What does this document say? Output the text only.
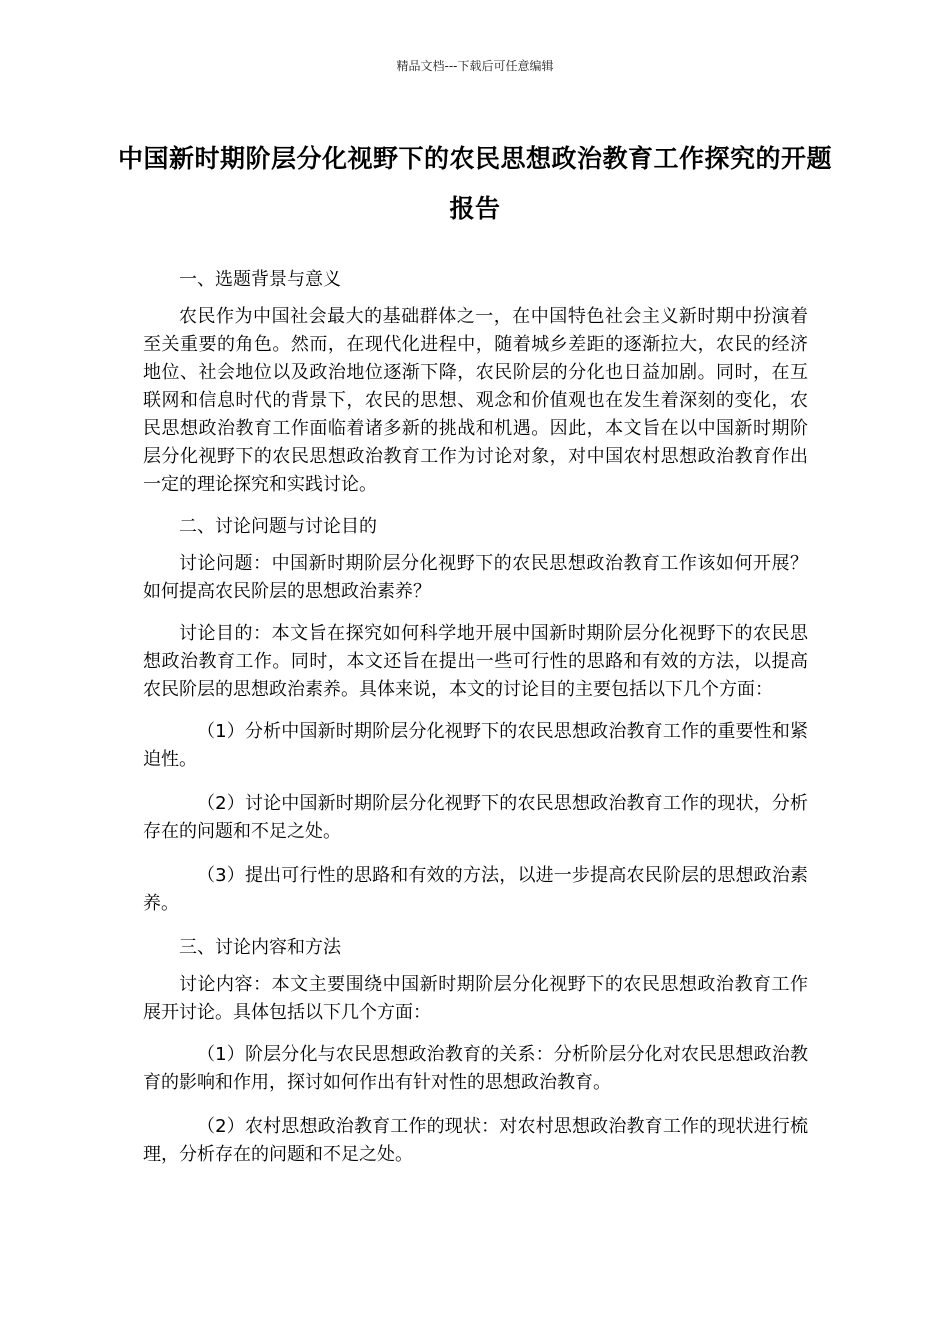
精品文档---下载后可任意编辑
中国新时期阶层分化视野下的农民思想政治教育工作探究的开题报告

一、选题背景与意义

农民作为中国社会最大的基础群体之一，在中国特色社会主义新时期中扮演着至关重要的角色。然而，在现代化进程中，随着城乡差距的逐渐拉大，农民的经济地位、社会地位以及政治地位逐渐下降，农民阶层的分化也日益加剧。同时，在互联网和信息时代的背景下，农民的思想、观念和价值观也在发生着深刻的变化，农民思想政治教育工作面临着诸多新的挑战和机遇。因此，本文旨在以中国新时期阶层分化视野下的农民思想政治教育工作为讨论对象，对中国农村思想政治教育作出一定的理论探究和实践讨论。

二、讨论问题与讨论目的

讨论问题：中国新时期阶层分化视野下的农民思想政治教育工作该如何开展？如何提高农民阶层的思想政治素养？

讨论目的：本文旨在探究如何科学地开展中国新时期阶层分化视野下的农民思想政治教育工作。同时，本文还旨在提出一些可行性的思路和有效的方法，以提高农民阶层的思想政治素养。具体来说，本文的讨论目的主要包括以下几个方面：

（1）分析中国新时期阶层分化视野下的农民思想政治教育工作的重要性和紧迫性。

（2）讨论中国新时期阶层分化视野下的农民思想政治教育工作的现状，分析存在的问题和不足之处。

（3）提出可行性的思路和有效的方法，以进一步提高农民阶层的思想政治素养。

三、讨论内容和方法

讨论内容：本文主要围绕中国新时期阶层分化视野下的农民思想政治教育工作展开讨论。具体包括以下几个方面：

（1）阶层分化与农民思想政治教育的关系：分析阶层分化对农民思想政治教育的影响和作用，探讨如何作出有针对性的思想政治教育。

（2）农村思想政治教育工作的现状：对农村思想政治教育工作的现状进行梳理，分析存在的问题和不足之处。
